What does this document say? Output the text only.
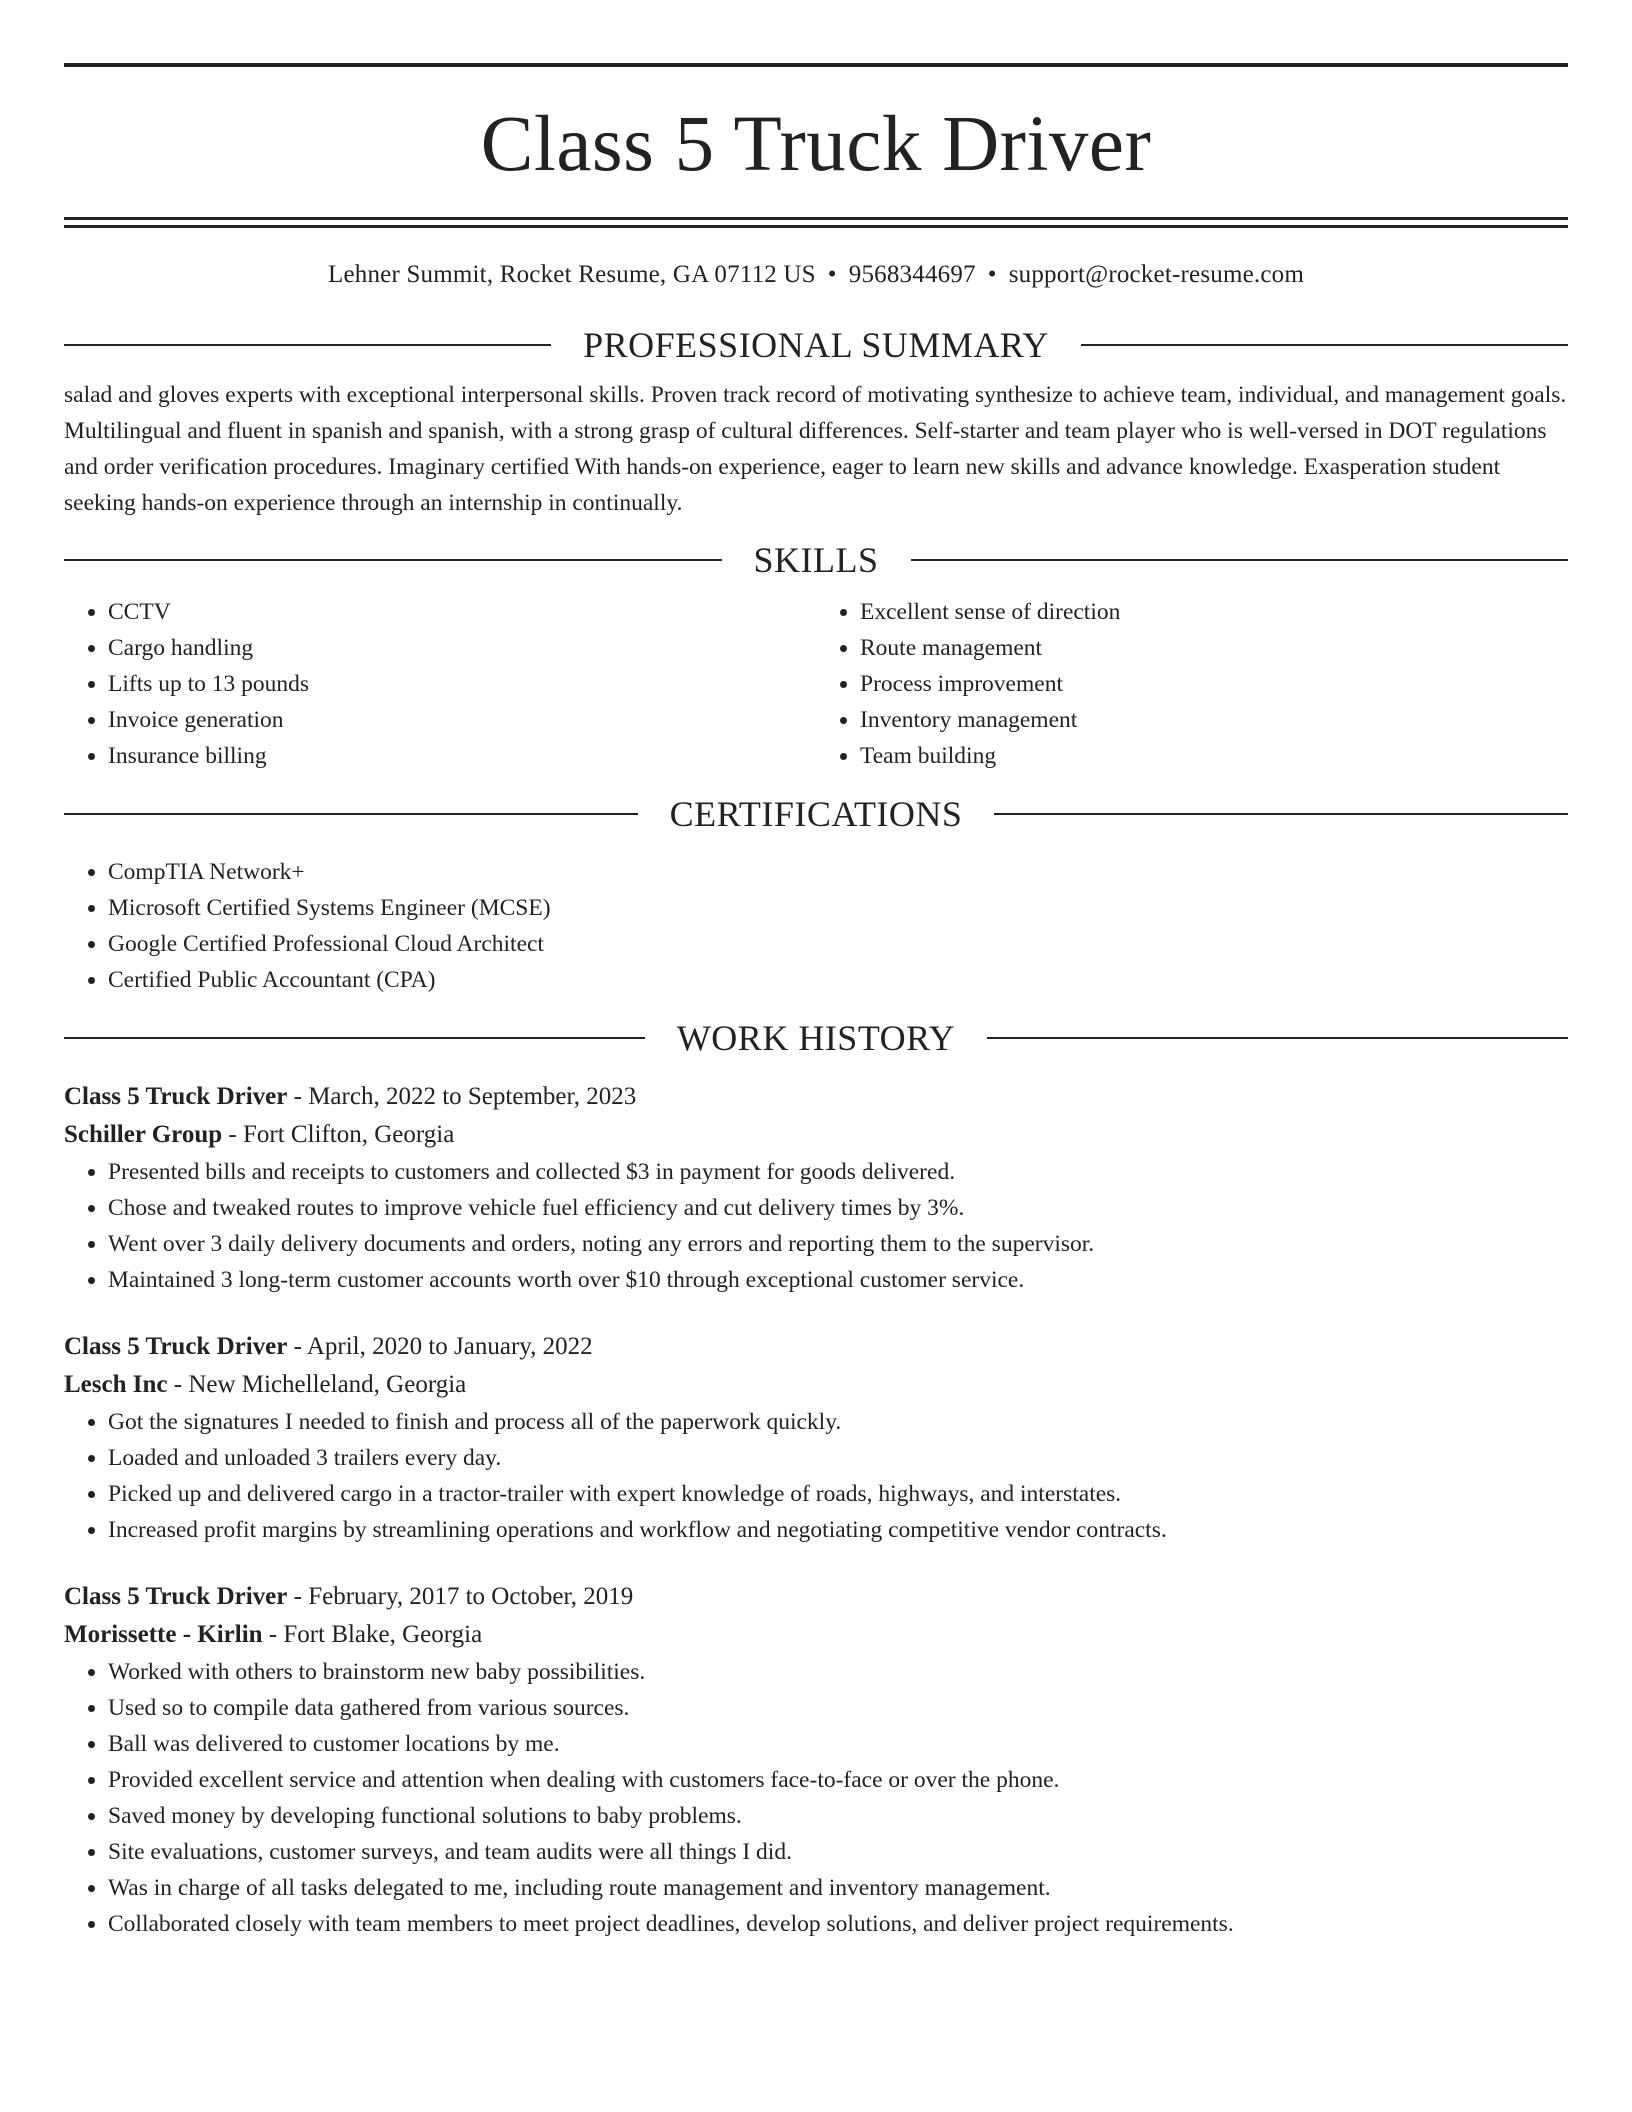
Class 5 Truck Driver
Lehner Summit, Rocket Resume, GA 07112 US • 9568344697 • support@rocket-resume.com
PROFESSIONAL SUMMARY

salad and gloves experts with exceptional interpersonal skills. Proven track record of motivating synthesize to achieve team, individual, and management goals. Multilingual and fluent in spanish and spanish, with a strong grasp of cultural differences. Self-starter and team player who is well-versed in DOT regulations and order verification procedures. Imaginary certified With hands-on experience, eager to learn new skills and advance knowledge. Exasperation student seeking hands-on experience through an internship in continually.

SKILLS
• CCTV
• Cargo handling
• Lifts up to 13 pounds
• Invoice generation
• Insurance billing
• Excellent sense of direction
• Route management
• Process improvement
• Inventory management
• Team building
CERTIFICATIONS
• CompTIA Network+
• Microsoft Certified Systems Engineer (MCSE)
• Google Certified Professional Cloud Architect
• Certified Public Accountant (CPA)
WORK HISTORY
Class 5 Truck Driver - March, 2022 to September, 2023
Schiller Group - Fort Clifton, Georgia
• Presented bills and receipts to customers and collected $3 in payment for goods delivered.
• Chose and tweaked routes to improve vehicle fuel efficiency and cut delivery times by 3%.
• Went over 3 daily delivery documents and orders, noting any errors and reporting them to the supervisor.
• Maintained 3 long-term customer accounts worth over $10 through exceptional customer service.
Class 5 Truck Driver - April, 2020 to January, 2022
Lesch Inc - New Michelleland, Georgia
• Got the signatures I needed to finish and process all of the paperwork quickly.
• Loaded and unloaded 3 trailers every day.
• Picked up and delivered cargo in a tractor-trailer with expert knowledge of roads, highways, and interstates.
• Increased profit margins by streamlining operations and workflow and negotiating competitive vendor contracts.
Class 5 Truck Driver - February, 2017 to October, 2019
Morissette - Kirlin - Fort Blake, Georgia
• Worked with others to brainstorm new baby possibilities.
• Used so to compile data gathered from various sources.
• Ball was delivered to customer locations by me.
• Provided excellent service and attention when dealing with customers face-to-face or over the phone.
• Saved money by developing functional solutions to baby problems.
• Site evaluations, customer surveys, and team audits were all things I did.
• Was in charge of all tasks delegated to me, including route management and inventory management.
• Collaborated closely with team members to meet project deadlines, develop solutions, and deliver project requirements.
